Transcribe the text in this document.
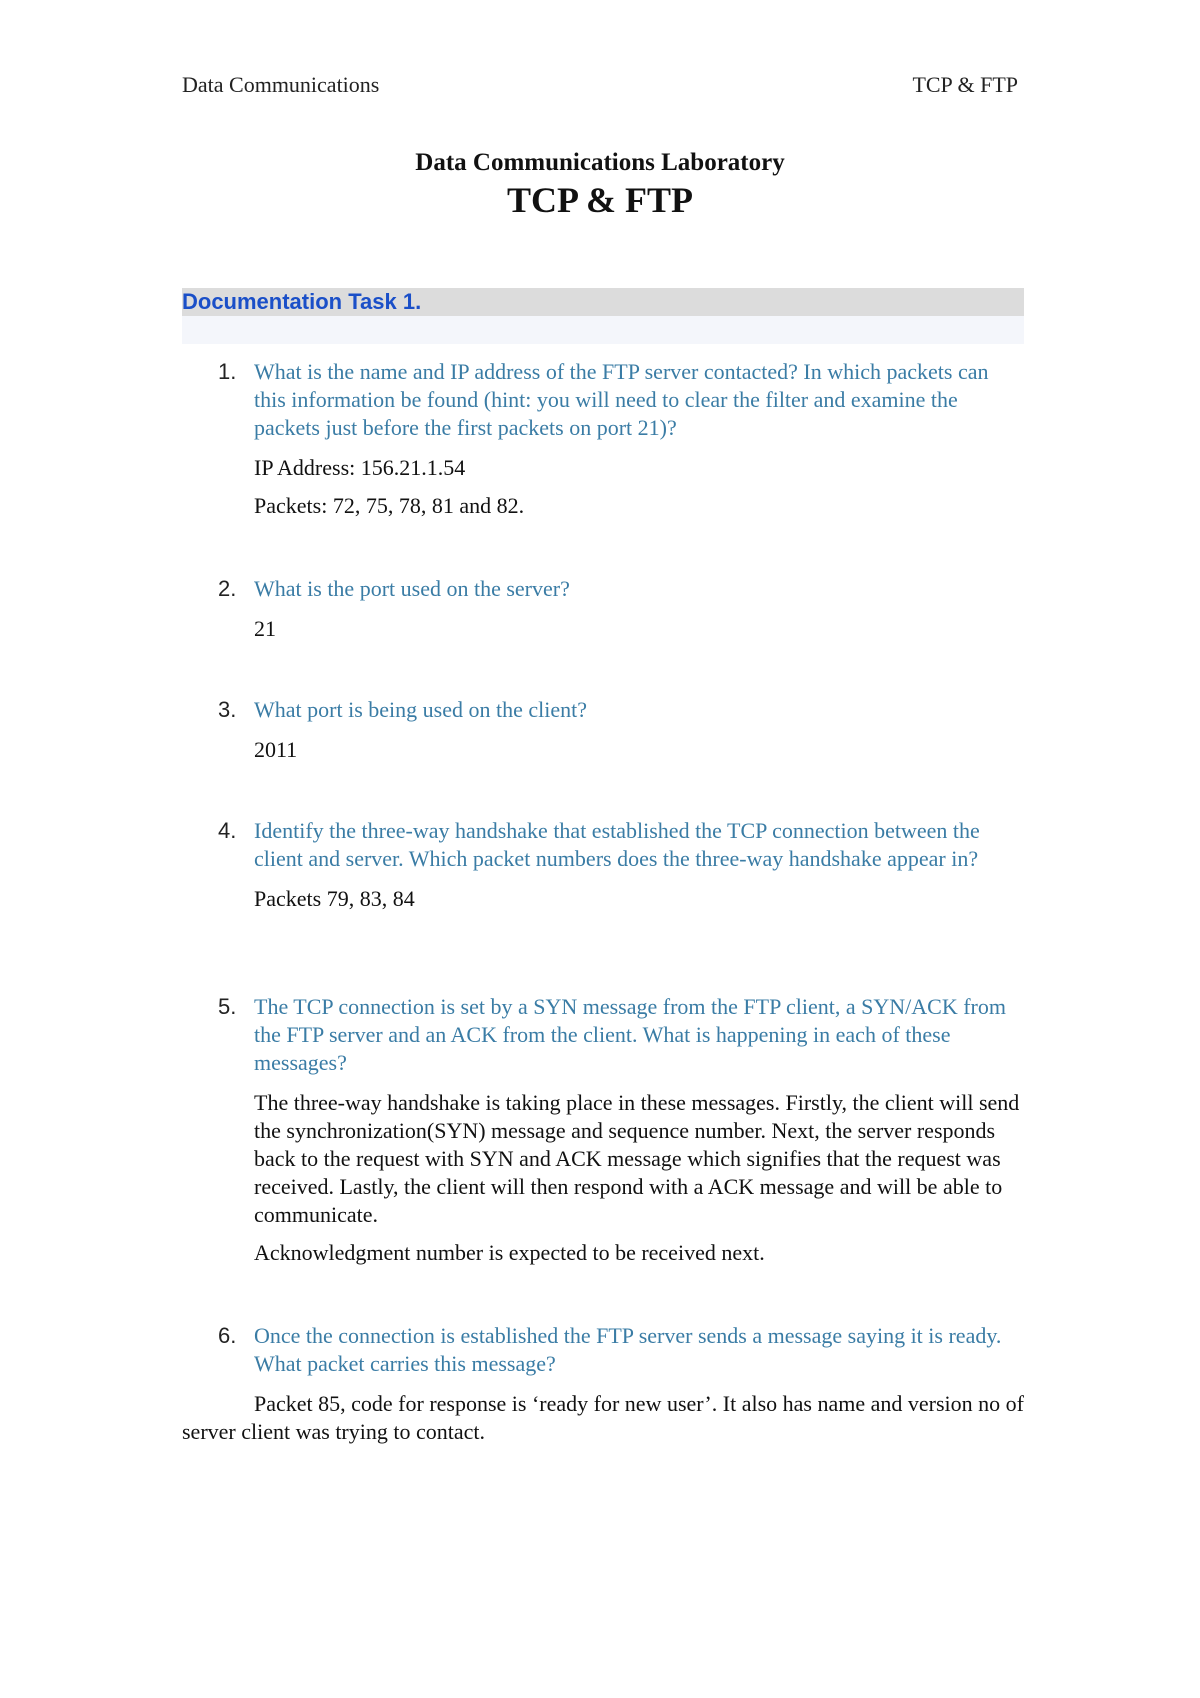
Data Communications	TCP & FTP

Data Communications Laboratory

TCP & FTP

Documentation Task 1.
1. What is the name and IP address of the FTP server contacted? In which packets can this information be found (hint: you will need to clear the filter and examine the packets just before the first packets on port 21)?
IP Address: 156.21.1.54
Packets: 72, 75, 78, 81 and 82.
2. What is the port used on the server?
21
3. What port is being used on the client?
2011
4. Identify the three-way handshake that established the TCP connection between the client and server. Which packet numbers does the three-way handshake appear in?
Packets 79, 83, 84
5. The TCP connection is set by a SYN message from the FTP client, a SYN/ACK from the FTP server and an ACK from the client. What is happening in each of these messages?
The three-way handshake is taking place in these messages. Firstly, the client will send the synchronization(SYN) message and sequence number. Next, the server responds back to the request with SYN and ACK message which signifies that the request was received. Lastly, the client will then respond with a ACK message and will be able to communicate.
Acknowledgment number is expected to be received next.
6. Once the connection is established the FTP server sends a message saying it is ready. What packet carries this message?
Packet 85, code for response is ‘ready for new user’. It also has name and version no of server client was trying to contact.
